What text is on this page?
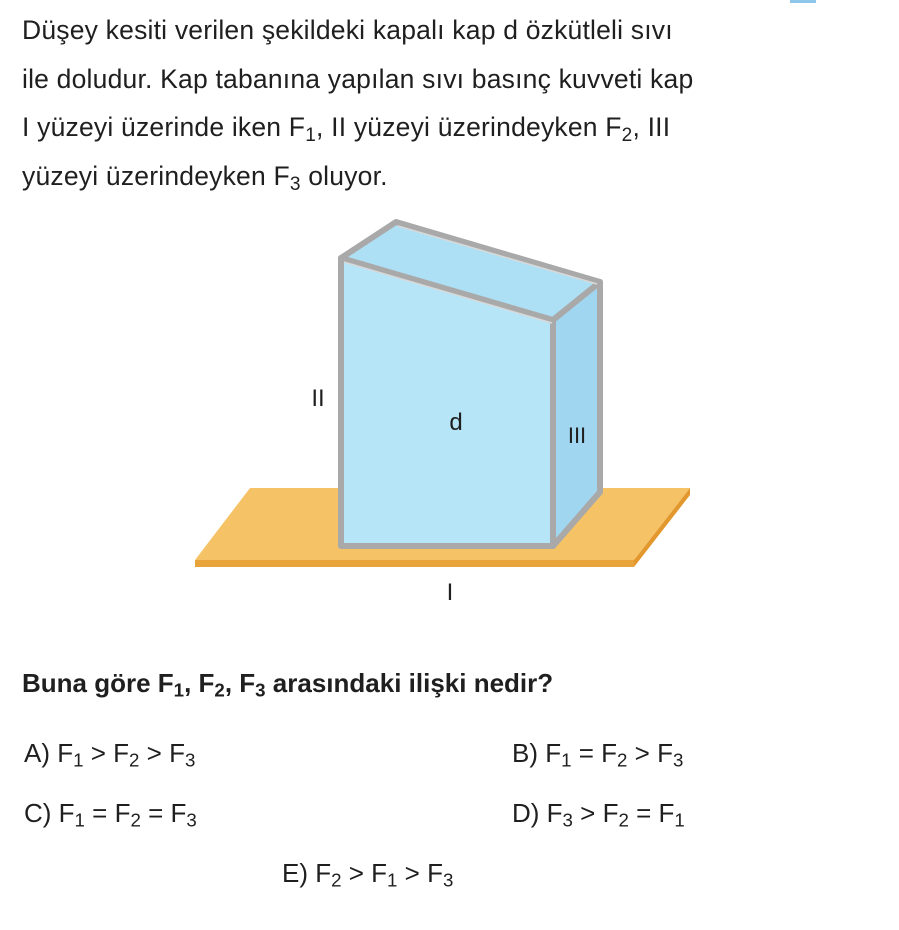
Düşey kesiti verilen şekildeki kapalı kap d özkütleli sıvı
ile doludur. Kap tabanına yapılan sıvı basınç kuvveti kap
I yüzeyi üzerinde iken $F_1$, II yüzeyi üzerindeyken $F_2$, III
yüzeyi üzerindeyken $F_3$ oluyor.
II
d	III
I
Buna göre $F_1$, $F_2$, $F_3$ arasındaki ilişki nedir?
A) $F_1 > F_2 > F_3$	B) $F_1 = F_2 > F_3$
C) $F_1 = F_2 = F_3$	D) $F_3 > F_2 = F_1$
E) $F_2 > F_1 > F_3$
